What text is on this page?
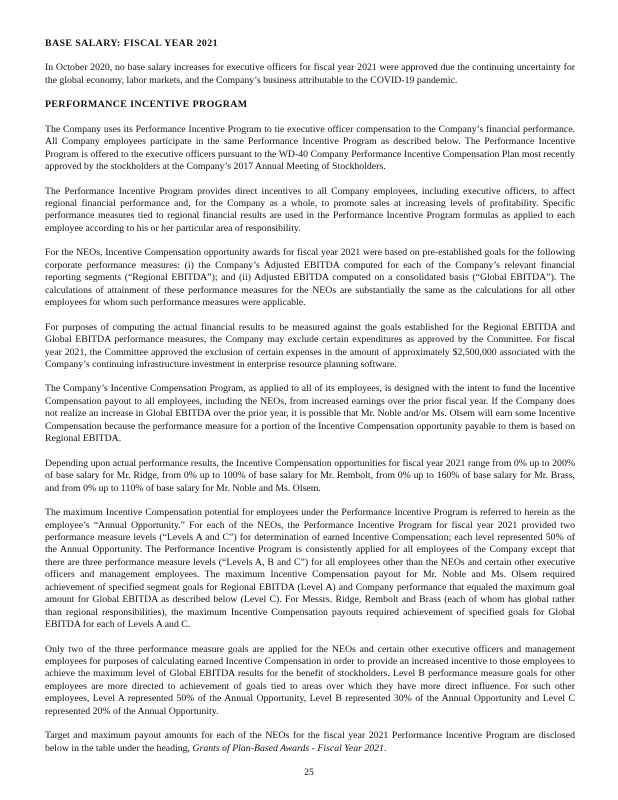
BASE SALARY: FISCAL YEAR 2021

In October 2020, no base salary increases for executive officers for fiscal year 2021 were approved due the continuing uncertainty for the global economy, labor markets, and the Company’s business attributable to the COVID-19 pandemic.

PERFORMANCE INCENTIVE PROGRAM

The Company uses its Performance Incentive Program to tie executive officer compensation to the Company’s financial performance. All Company employees participate in the same Performance Incentive Program as described below. The Performance Incentive Program is offered to the executive officers pursuant to the WD-40 Company Performance Incentive Compensation Plan most recently approved by the stockholders at the Company’s 2017 Annual Meeting of Stockholders.

The Performance Incentive Program provides direct incentives to all Company employees, including executive officers, to affect regional financial performance and, for the Company as a whole, to promote sales at increasing levels of profitability. Specific performance measures tied to regional financial results are used in the Performance Incentive Program formulas as applied to each employee according to his or her particular area of responsibility.

For the NEOs, Incentive Compensation opportunity awards for fiscal year 2021 were based on pre-established goals for the following corporate performance measures: (i) the Company’s Adjusted EBITDA computed for each of the Company’s relevant financial reporting segments (“Regional EBITDA”); and (ii) Adjusted EBITDA computed on a consolidated basis (“Global EBITDA”). The calculations of attainment of these performance measures for the NEOs are substantially the same as the calculations for all other employees for whom such performance measures were applicable.

For purposes of computing the actual financial results to be measured against the goals established for the Regional EBITDA and Global EBITDA performance measures, the Company may exclude certain expenditures as approved by the Committee. For fiscal year 2021, the Committee approved the exclusion of certain expenses in the amount of approximately $2,500,000 associated with the Company’s continuing infrastructure investment in enterprise resource planning software.

The Company’s Incentive Compensation Program, as applied to all of its employees, is designed with the intent to fund the Incentive Compensation payout to all employees, including the NEOs, from increased earnings over the prior fiscal year. If the Company does not realize an increase in Global EBITDA over the prior year, it is possible that Mr. Noble and/or Ms. Olsem will earn some Incentive Compensation because the performance measure for a portion of the Incentive Compensation opportunity payable to them is based on Regional EBITDA.

Depending upon actual performance results, the Incentive Compensation opportunities for fiscal year 2021 range from 0% up to 200% of base salary for Mr. Ridge, from 0% up to 100% of base salary for Mr. Rembolt, from 0% up to 160% of base salary for Mr. Brass, and from 0% up to 110% of base salary for Mr. Noble and Ms. Olsem.

The maximum Incentive Compensation potential for employees under the Performance Incentive Program is referred to herein as the employee’s “Annual Opportunity.” For each of the NEOs, the Performance Incentive Program for fiscal year 2021 provided two performance measure levels (“Levels A and C”) for determination of earned Incentive Compensation; each level represented 50% of the Annual Opportunity. The Performance Incentive Program is consistently applied for all employees of the Company except that there are three performance measure levels (“Levels A, B and C”) for all employees other than the NEOs and certain other executive officers and management employees. The maximum Incentive Compensation payout for Mr. Noble and Ms. Olsem required achievement of specified segment goals for Regional EBITDA (Level A) and Company performance that equaled the maximum goal amount for Global EBITDA as described below (Level C). For Messrs. Ridge, Rembolt and Brass (each of whom has global rather than regional responsibilities), the maximum Incentive Compensation payouts required achievement of specified goals for Global EBITDA for each of Levels A and C.

Only two of the three performance measure goals are applied for the NEOs and certain other executive officers and management employees for purposes of calculating earned Incentive Compensation in order to provide an increased incentive to those employees to achieve the maximum level of Global EBITDA results for the benefit of stockholders. Level B performance measure goals for other employees are more directed to achievement of goals tied to areas over which they have more direct influence. For such other employees, Level A represented 50% of the Annual Opportunity, Level B represented 30% of the Annual Opportunity and Level C represented 20% of the Annual Opportunity.

Target and maximum payout amounts for each of the NEOs for the fiscal year 2021 Performance Incentive Program are disclosed below in the table under the heading, Grants of Plan-Based Awards - Fiscal Year 2021.

25
